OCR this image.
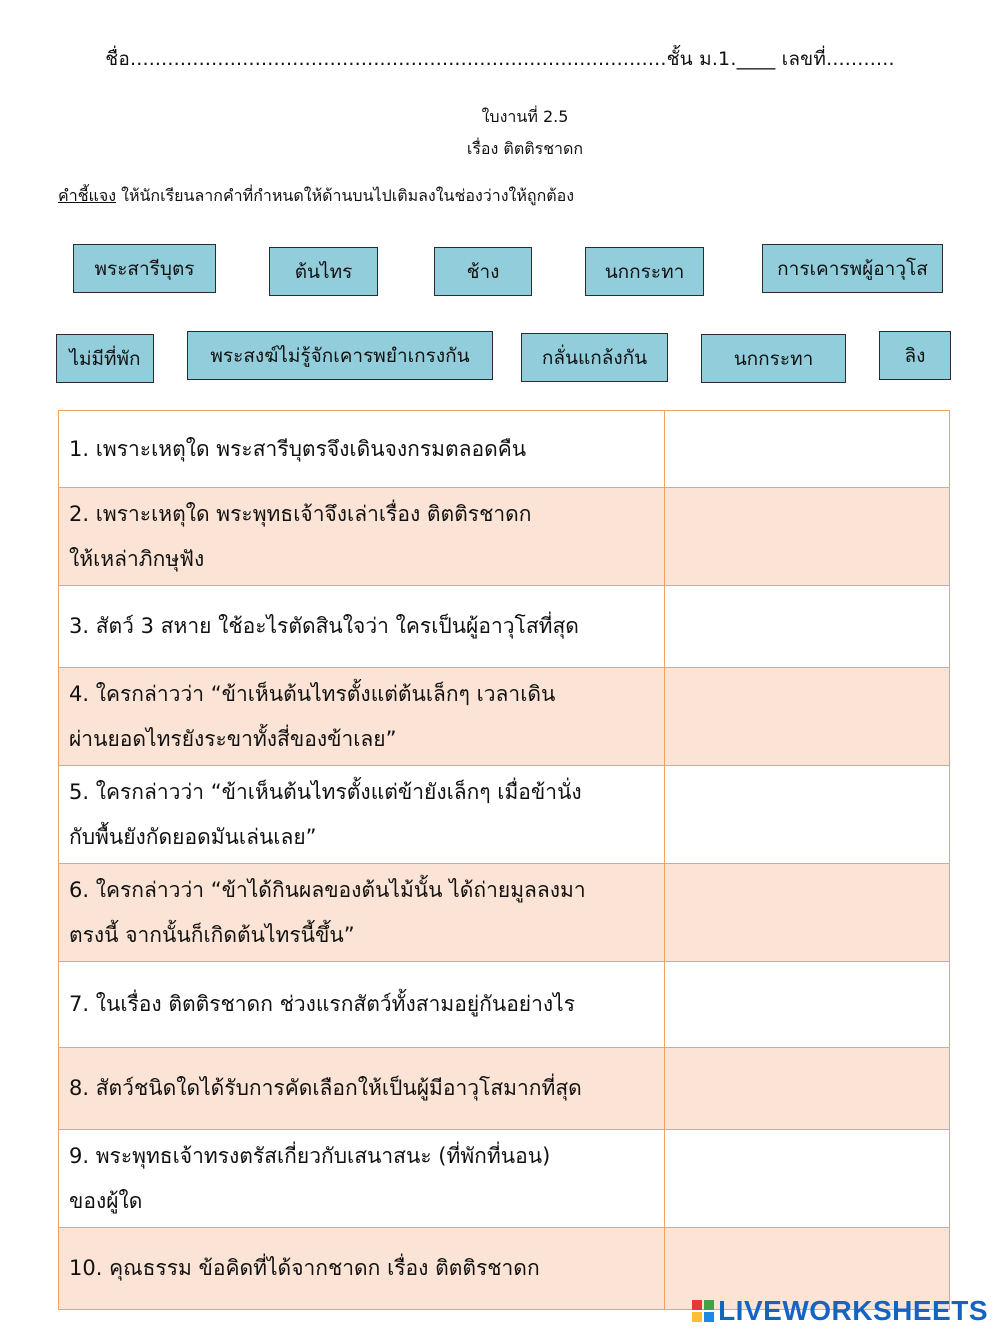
ชื่อ......................................................................................ชั้น ม.1.____ เลขที่...........
ใบงานที่ 2.5
เรื่อง ติตติรชาดก
คำชี้แจง ให้นักเรียนลากคำที่กำหนดให้ด้านบนไปเติมลงในช่องว่างให้ถูกต้อง
พระสารีบุตร	ต้นไทร	ช้าง	นกกระทา	การเคารพผู้อาวุโส
ไม่มีที่พัก	พระสงฆ์ไม่รู้จักเคารพยำเกรงกัน	กลั่นแกล้งกัน	นกกระทา	ลิง
1. เพราะเหตุใด พระสารีบุตรจึงเดินจงกรมตลอดคืน	

2. เพราะเหตุใด พระพุทธเจ้าจึงเล่าเรื่อง ติตติรชาดก
ให้เหล่าภิกษุฟัง	

3. สัตว์ 3 สหาย ใช้อะไรตัดสินใจว่า ใครเป็นผู้อาวุโสที่สุด	

4. ใครกล่าวว่า “ข้าเห็นต้นไทรตั้งแต่ต้นเล็กๆ เวลาเดิน
ผ่านยอดไทรยังระขาทั้งสี่ของข้าเลย”	

5. ใครกล่าวว่า “ข้าเห็นต้นไทรตั้งแต่ข้ายังเล็กๆ เมื่อข้านั่ง
กับพื้นยังกัดยอดมันเล่นเลย”	

6. ใครกล่าวว่า “ข้าได้กินผลของต้นไม้นั้น ได้ถ่ายมูลลงมา
ตรงนี้ จากนั้นก็เกิดต้นไทรนี้ขึ้น”	

7. ในเรื่อง ติตติรชาดก ช่วงแรกสัตว์ทั้งสามอยู่กันอย่างไร	

8. สัตว์ชนิดใดได้รับการคัดเลือกให้เป็นผู้มีอาวุโสมากที่สุด	

9. พระพุทธเจ้าทรงตรัสเกี่ยวกับเสนาสนะ (ที่พักที่นอน)
ของผู้ใด	

10. คุณธรรม ข้อคิดที่ได้จากชาดก เรื่อง ติตติรชาดก	

LIVEWORKSHEETS
